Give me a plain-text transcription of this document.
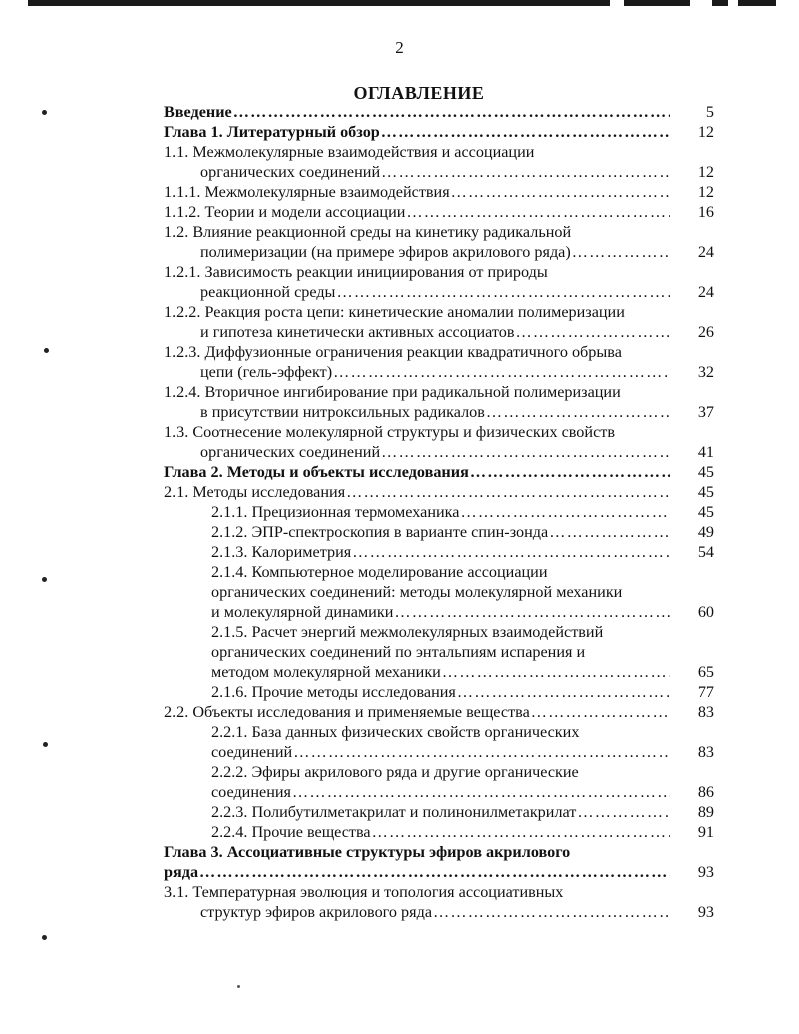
2
ОГЛАВЛЕНИЕ
Введение …………………………………………………………………………………………………………………………………………………………	5
Глава 1. Литературный обзор …………………………………………………………………………………………………………………………………………………………	12
1.1. Межмолекулярные взаимодействия и ассоциации
органических соединений …………………………………………………………………………………………………………………………………………………………	12
1.1.1. Межмолекулярные взаимодействия …………………………………………………………………………………………………………………………………………………………	12
1.1.2. Теории и модели ассоциации …………………………………………………………………………………………………………………………………………………………	16
1.2. Влияние реакционной среды на кинетику радикальной
полимеризации (на примере эфиров акрилового ряда) …………………………………………………………………………………………………………………………………………………………	24
1.2.1. Зависимость реакции инициирования от природы
реакционной среды …………………………………………………………………………………………………………………………………………………………	24
1.2.2. Реакция роста цепи: кинетические аномалии полимеризации
и гипотеза кинетически активных ассоциатов …………………………………………………………………………………………………………………………………………………………	26
1.2.3. Диффузионные ограничения реакции квадратичного обрыва
цепи (гель-эффект) …………………………………………………………………………………………………………………………………………………………	32
1.2.4. Вторичное ингибирование при радикальной полимеризации
в присутствии нитроксильных радикалов …………………………………………………………………………………………………………………………………………………………	37
1.3. Соотнесение молекулярной структуры и физических свойств
органических соединений …………………………………………………………………………………………………………………………………………………………	41
Глава 2. Методы и объекты исследования …………………………………………………………………………………………………………………………………………………………	45
2.1. Методы исследования …………………………………………………………………………………………………………………………………………………………	45
2.1.1. Прецизионная термомеханика …………………………………………………………………………………………………………………………………………………………	45
2.1.2. ЭПР-спектроскопия в варианте спин-зонда …………………………………………………………………………………………………………………………………………………………	49
2.1.3. Калориметрия …………………………………………………………………………………………………………………………………………………………	54
2.1.4. Компьютерное моделирование ассоциации
органических соединений: методы молекулярной механики
и молекулярной динамики …………………………………………………………………………………………………………………………………………………………	60
2.1.5. Расчет энергий межмолекулярных взаимодействий
органических соединений по энтальпиям испарения и
методом молекулярной механики …………………………………………………………………………………………………………………………………………………………	65
2.1.6. Прочие методы исследования …………………………………………………………………………………………………………………………………………………………	77
2.2. Объекты исследования и применяемые вещества …………………………………………………………………………………………………………………………………………………………	83
2.2.1. База данных физических свойств органических
соединений …………………………………………………………………………………………………………………………………………………………	83
2.2.2. Эфиры акрилового ряда и другие органические
соединения …………………………………………………………………………………………………………………………………………………………	86
2.2.3. Полибутилметакрилат и полинонилметакрилат …………………………………………………………………………………………………………………………………………………………	89
2.2.4. Прочие вещества …………………………………………………………………………………………………………………………………………………………	91
Глава 3. Ассоциативные структуры эфиров акрилового
ряда …………………………………………………………………………………………………………………………………………………………	93
3.1. Температурная эволюция и топология ассоциативных
структур эфиров акрилового ряда …………………………………………………………………………………………………………………………………………………………	93
